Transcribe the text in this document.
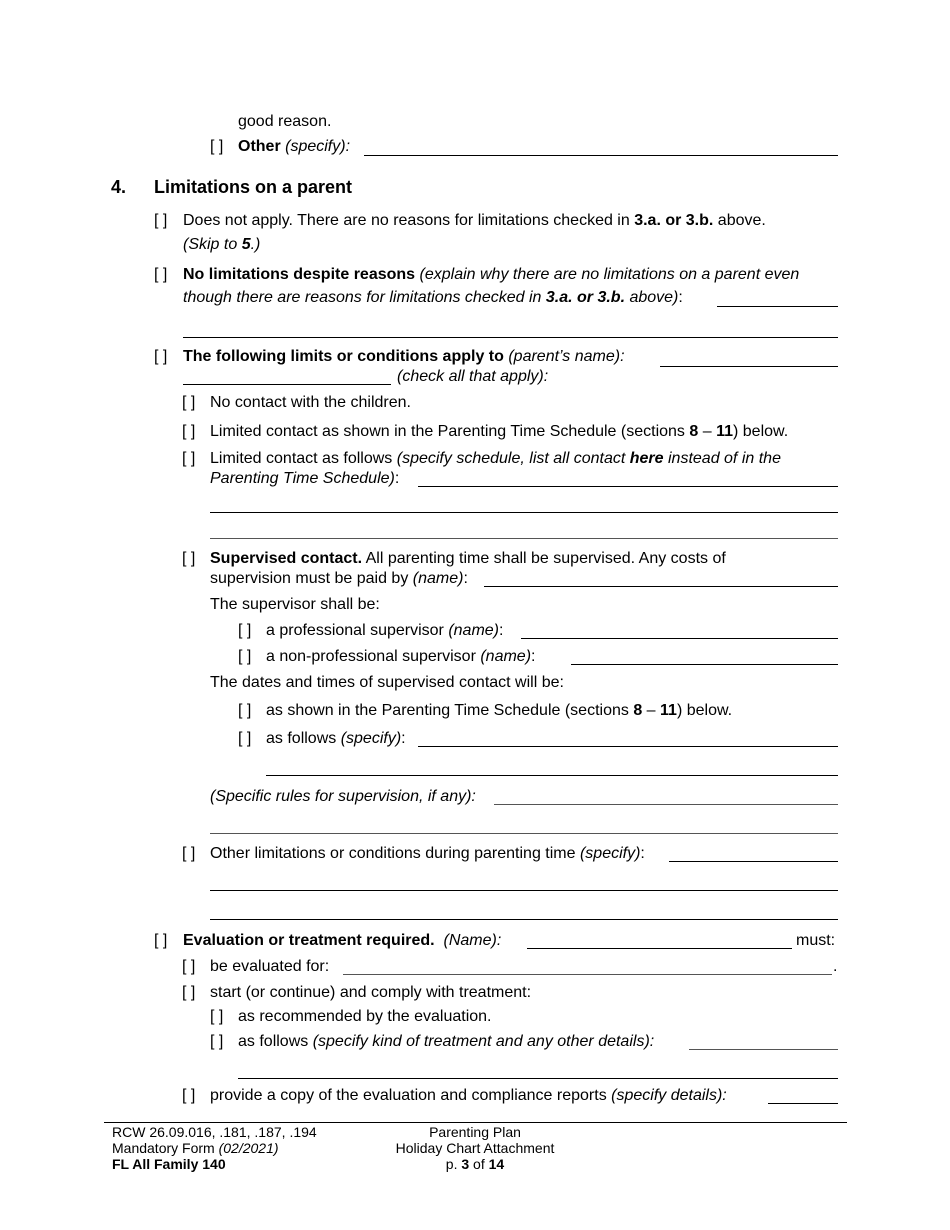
good reason.
[ ] Other (specify):
4. Limitations on a parent
[ ] Does not apply. There are no reasons for limitations checked in 3.a. or 3.b. above.
(Skip to 5.)
[ ] No limitations despite reasons (explain why there are no limitations on a parent even
though there are reasons for limitations checked in 3.a. or 3.b. above):
[ ] The following limits or conditions apply to (parent’s name):
(check all that apply):
[ ] No contact with the children.
[ ] Limited contact as shown in the Parenting Time Schedule (sections 8 – 11) below.
[ ] Limited contact as follows (specify schedule, list all contact here instead of in the
Parenting Time Schedule):
[ ] Supervised contact. All parenting time shall be supervised. Any costs of
supervision must be paid by (name):
The supervisor shall be:
[ ] a professional supervisor (name):
[ ] a non-professional supervisor (name):
The dates and times of supervised contact will be:
[ ] as shown in the Parenting Time Schedule (sections 8 – 11) below.
[ ] as follows (specify):
(Specific rules for supervision, if any):
[ ] Other limitations or conditions during parenting time (specify):
[ ] Evaluation or treatment required. (Name):	must:
[ ] be evaluated for:	.
[ ] start (or continue) and comply with treatment:
[ ] as recommended by the evaluation.
[ ] as follows (specify kind of treatment and any other details):
[ ] provide a copy of the evaluation and compliance reports (specify details):
RCW 26.09.016, .181, .187, .194
Mandatory Form (02/2021)
FL All Family 140
Parenting Plan
Holiday Chart Attachment
p. 3 of 14
